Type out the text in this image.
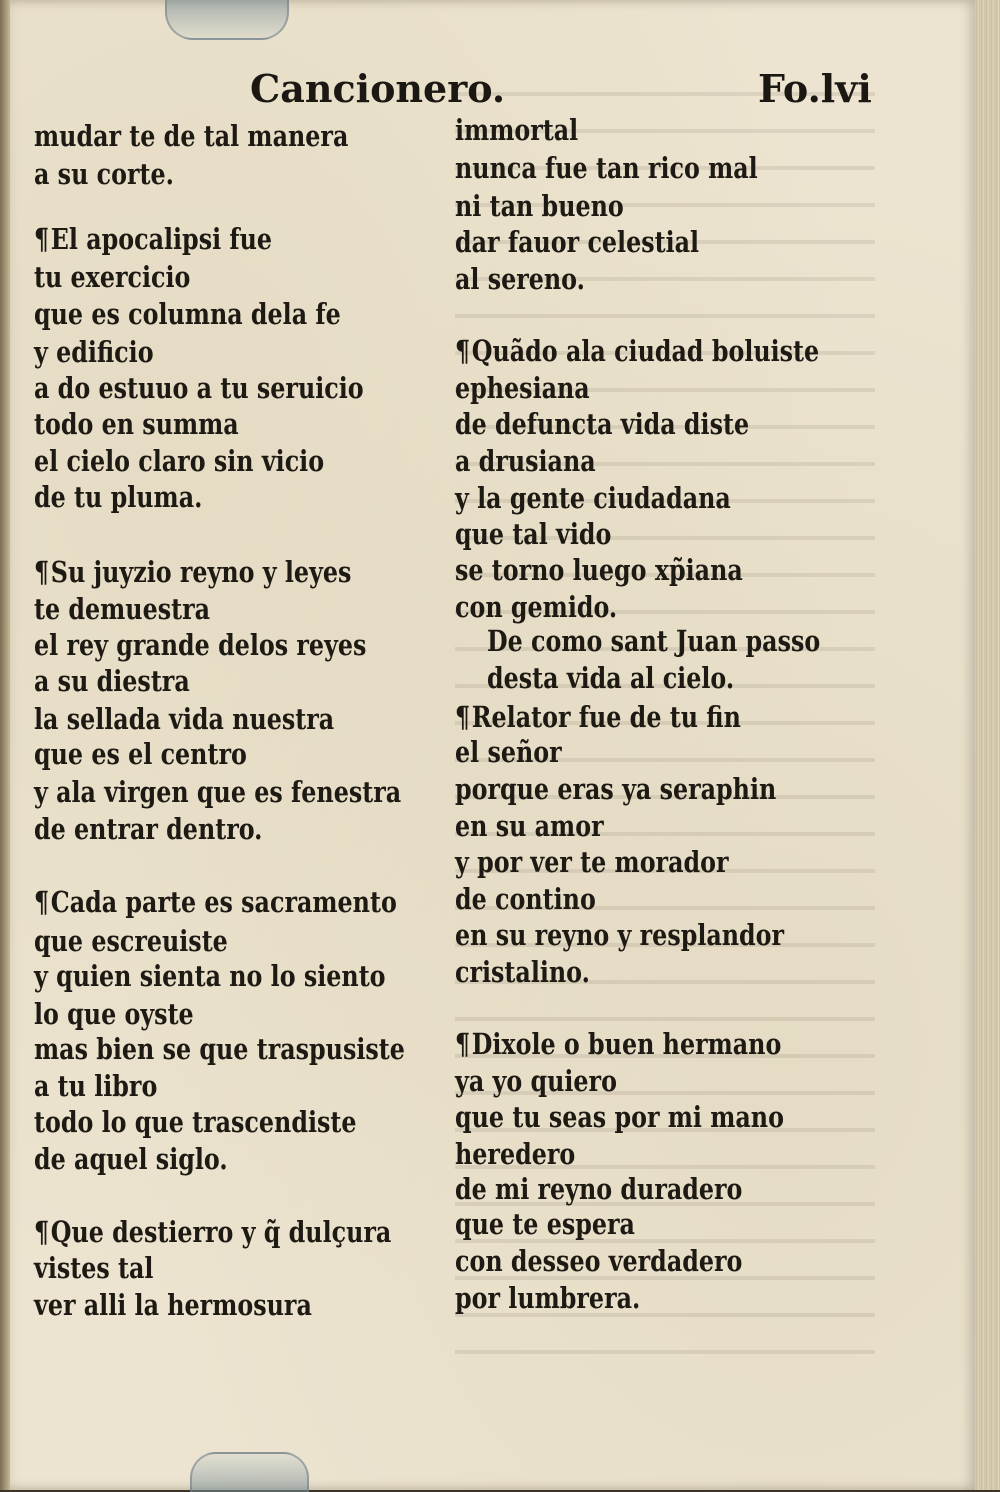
Cancionero.	Fo.lvi
mudar te de tal manera
a su corte.
¶ El apocalipsi fue
tu exercicio
que es columna dela fe
y edificio
a do estuuo a tu seruicio
todo en summa
el cielo claro sin vicio
de tu pluma.
¶ Su juyzio reyno y leyes
te demuestra
el rey grande delos reyes
a su diestra
la sellada vida nuestra
que es el centro
y ala virgen que es fenestra
de entrar dentro.
¶ Cada parte es sacramento
que escreuiste
y quien sienta no lo siento
lo que oyste
mas bien se que traspusiste
a tu libro
todo lo que trascendiste
de aquel siglo.
¶ Que destierro y q̃ dulçura
vistes tal
ver alli la hermosura
immortal
nunca fue tan rico mal
ni tan bueno
dar fauor celestial
al sereno.
¶ Quãdo ala ciudad boluiste
ephesiana
de defuncta vida diste
a drusiana
y la gente ciudadana
que tal vido
se torno luego xp̃iana
con gemido.
De como sant Juan passo
desta vida al cielo.
¶ Relator fue de tu fin
el señor
porque eras ya seraphin
en su amor
y por ver te morador
de contino
en su reyno y resplandor
cristalino.
¶ Dixole o buen hermano
ya yo quiero
que tu seas por mi mano
heredero
de mi reyno duradero
que te espera
con desseo verdadero
por lumbrera.
